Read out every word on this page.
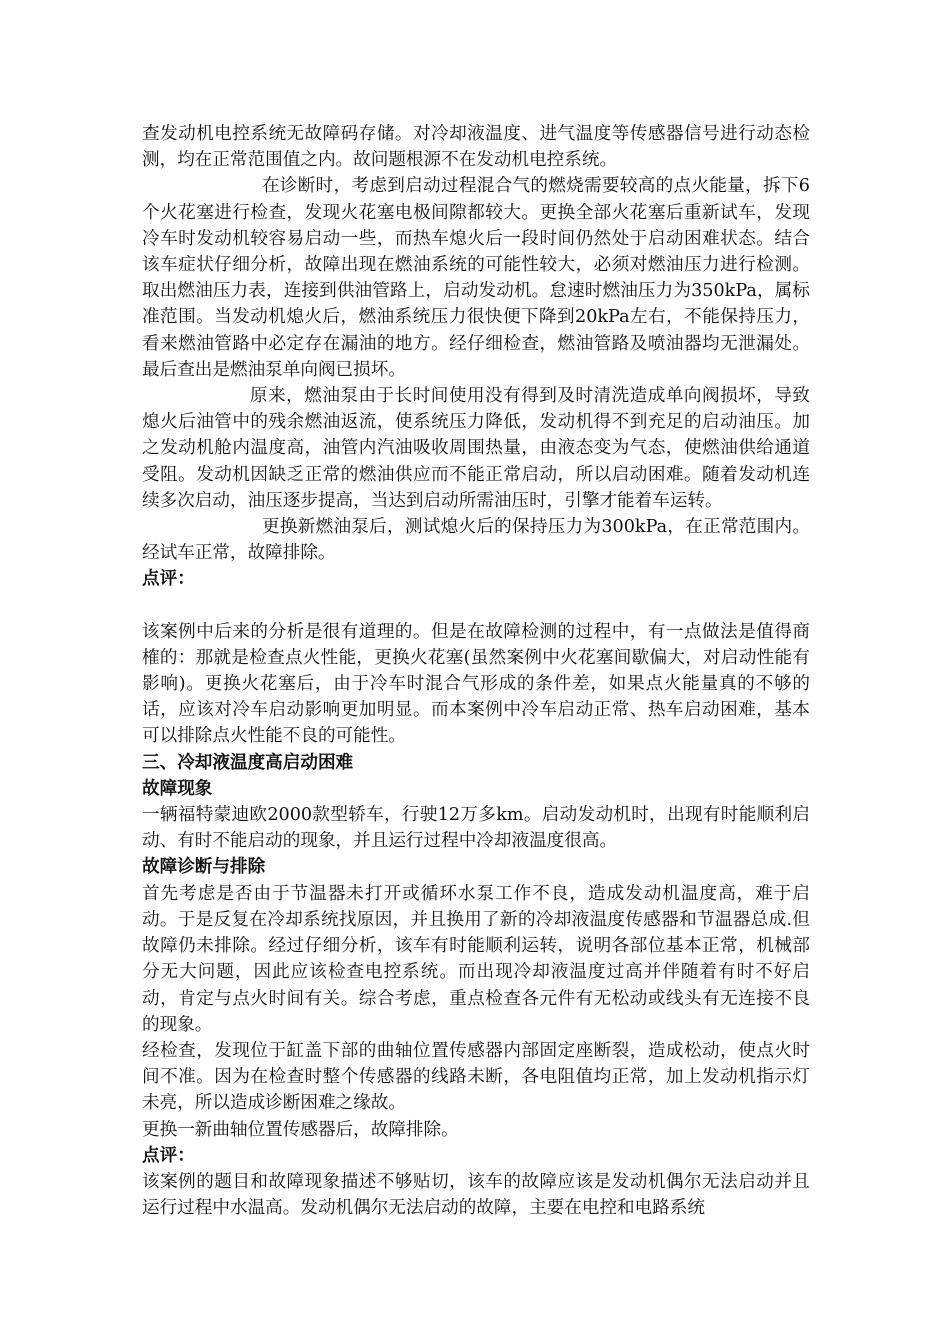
查发动机电控系统无故障码存储。对冷却液温度、进气温度等传感器信号进行动态检测，均在正常范围值之内。故问题根源不在发动机电控系统。

在诊断时，考虑到启动过程混合气的燃烧需要较高的点火能量，拆下6个火花塞进行检查，发现火花塞电极间隙都较大。更换全部火花塞后重新试车，发现冷车时发动机较容易启动一些，而热车熄火后一段时间仍然处于启动困难状态。结合该车症状仔细分析，故障出现在燃油系统的可能性较大，必须对燃油压力进行检测。取出燃油压力表，连接到供油管路上，启动发动机。怠速时燃油压力为350kPa，属标准范围。当发动机熄火后，燃油系统压力很快便下降到20kPa左右，不能保持压力，看来燃油管路中必定存在漏油的地方。经仔细检查，燃油管路及喷油器均无泄漏处。最后查出是燃油泵单向阀已损坏。

原来，燃油泵由于长时间使用没有得到及时清洗造成单向阀损坏，导致熄火后油管中的残余燃油返流，使系统压力降低，发动机得不到充足的启动油压。加之发动机舱内温度高，油管内汽油吸收周围热量，由液态变为气态，使燃油供给通道受阻。发动机因缺乏正常的燃油供应而不能正常启动，所以启动困难。随着发动机连续多次启动，油压逐步提高，当达到启动所需油压时，引擎才能着车运转。

更换新燃油泵后，测试熄火后的保持压力为300kPa，在正常范围内。经试车正常，故障排除。

点评：

该案例中后来的分析是很有道理的。但是在故障检测的过程中，有一点做法是值得商榷的：那就是检查点火性能，更换火花塞(虽然案例中火花塞间歇偏大，对启动性能有影响)。更换火花塞后，由于冷车时混合气形成的条件差，如果点火能量真的不够的话，应该对冷车启动影响更加明显。而本案例中冷车启动正常、热车启动困难，基本可以排除点火性能不良的可能性。

三、冷却液温度高启动困难

故障现象

一辆福特蒙迪欧2000款型轿车，行驶12万多km。启动发动机时，出现有时能顺利启动、有时不能启动的现象，并且运行过程中冷却液温度很高。

故障诊断与排除

首先考虑是否由于节温器未打开或循环水泵工作不良，造成发动机温度高，难于启动。于是反复在冷却系统找原因，并且换用了新的冷却液温度传感器和节温器总成.但故障仍未排除。经过仔细分析，该车有时能顺利运转，说明各部位基本正常，机械部分无大问题，因此应该检查电控系统。而出现冷却液温度过高并伴随着有时不好启动，肯定与点火时间有关。综合考虑，重点检查各元件有无松动或线头有无连接不良的现象。

经检查，发现位于缸盖下部的曲轴位置传感器内部固定座断裂，造成松动，使点火时间不准。因为在检查时整个传感器的线路未断，各电阻值均正常，加上发动机指示灯未亮，所以造成诊断困难之缘故。

更换一新曲轴位置传感器后，故障排除。

点评：

该案例的题目和故障现象描述不够贴切，该车的故障应该是发动机偶尔无法启动并且运行过程中水温高。发动机偶尔无法启动的故障，主要在电控和电路系统
